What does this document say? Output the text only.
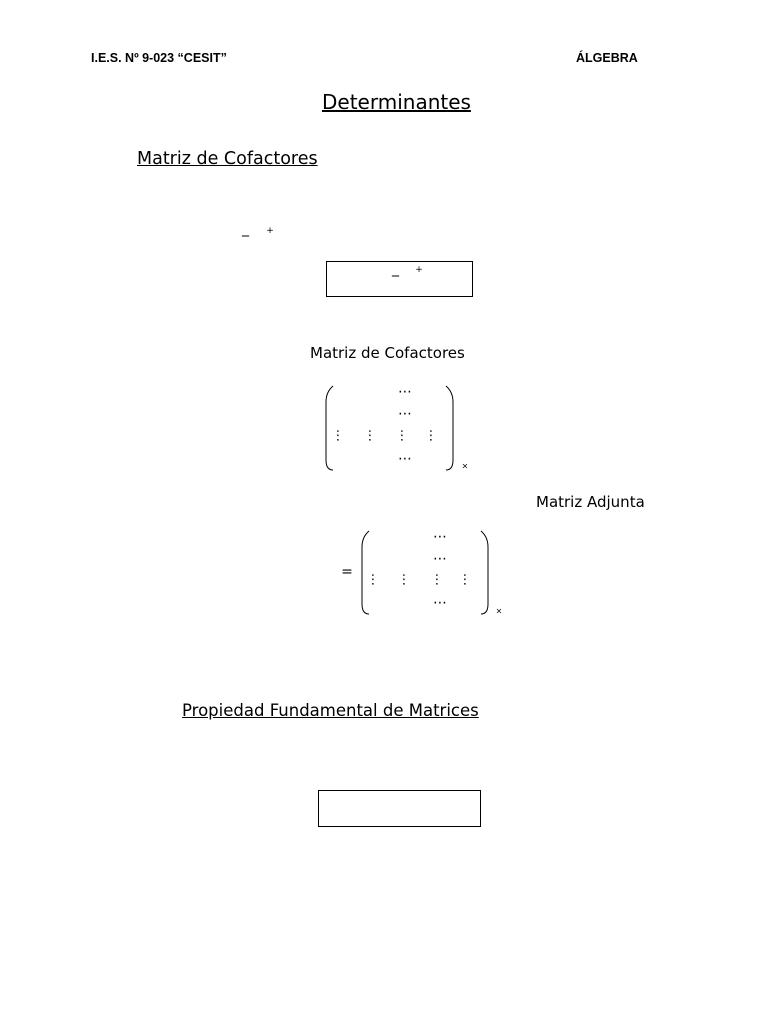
I.E.S. Nº 9-023 “CESIT”	ÁLGEBRA
Determinantes
Matriz de Cofactores
_ +
_ +
Matriz de Cofactores
⋯
⋯
⋮ ⋮ ⋮ ⋮
⋯	×
Matriz Adjunta
=
⋯
⋯
⋮ ⋮ ⋮ ⋮
⋯	×
Propiedad Fundamental de Matrices
